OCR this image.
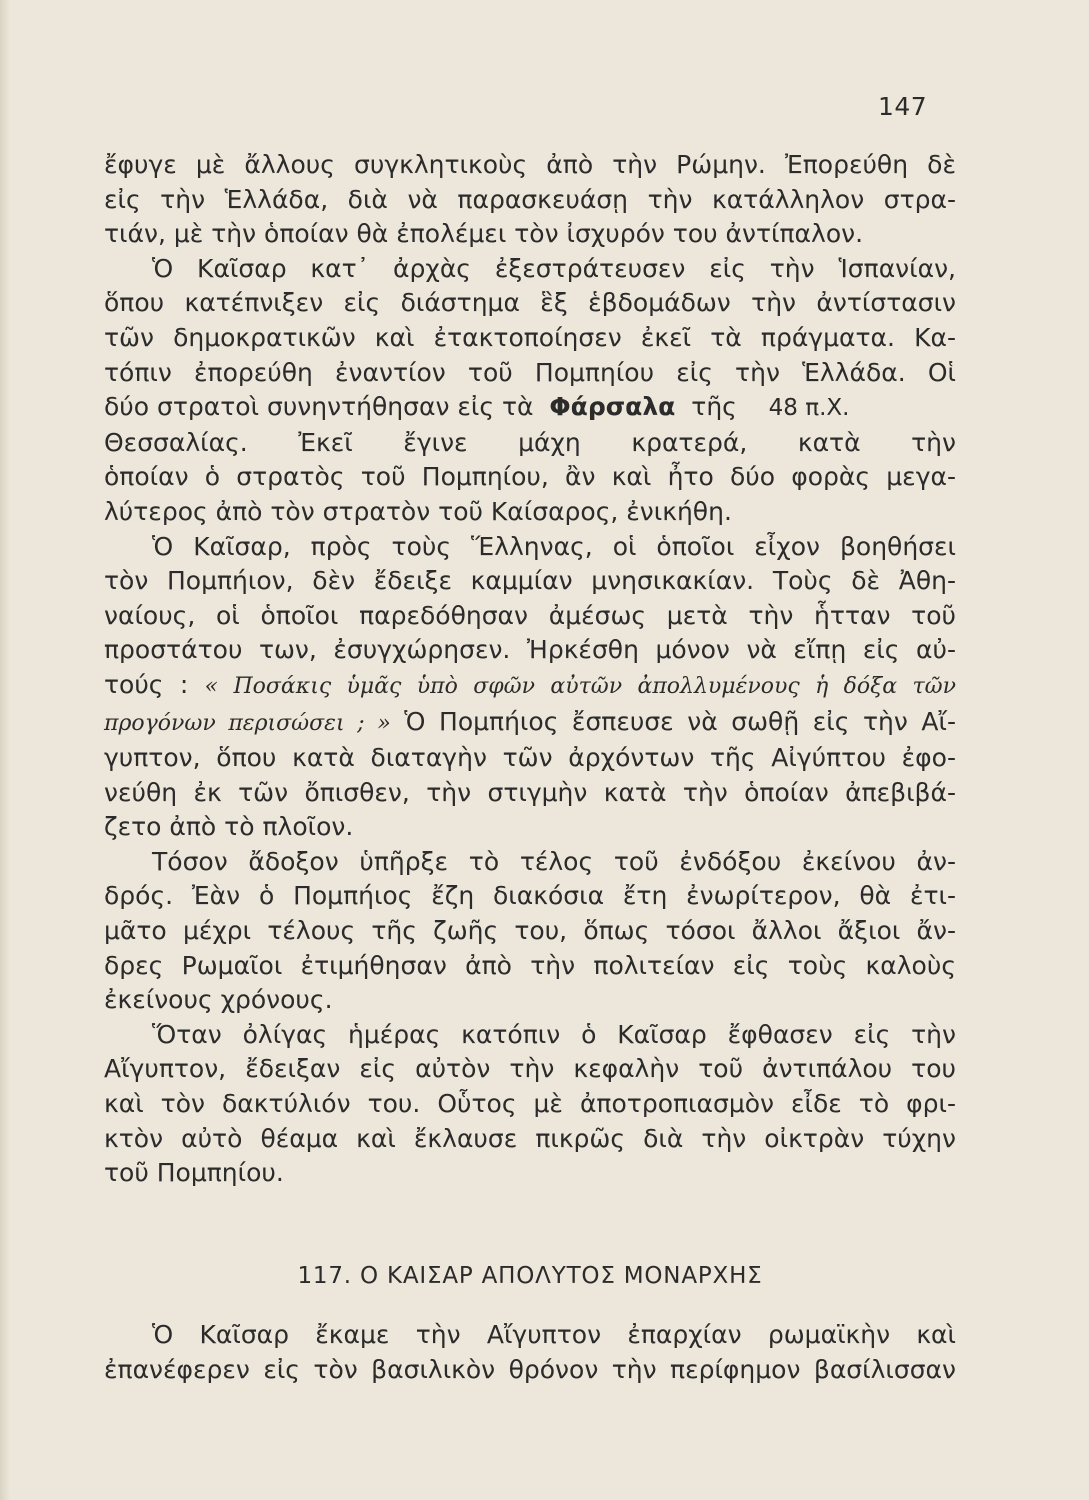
147
ἔφυγε μὲ ἄλλους συγκλητικοὺς ἀπὸ τὴν Ρώμην. Ἐπορεύθη δὲ
εἰς τὴν Ἑλλάδα, διὰ νὰ παρασκευάσῃ τὴν κατάλληλον στρα-
τιάν, μὲ τὴν ὁποίαν θὰ ἐπολέμει τὸν ἰσχυρόν του ἀντίπαλον.
Ὁ Καῖσαρ κατ᾽ ἀρχὰς ἐξεστράτευσεν εἰς τὴν Ἱσπανίαν,
ὅπου κατέπνιξεν εἰς διάστημα ἓξ ἑβδομάδων τὴν ἀντίστασιν
τῶν δημοκρατικῶν καὶ ἐτακτοποίησεν ἐκεῖ τὰ πράγματα. Κα-
τόπιν ἐπορεύθη ἐναντίον τοῦ Πομπηίου εἰς τὴν Ἑλλάδα. Οἱ
δύο στρατοὶ συνηντήθησαν εἰς τὰ Φάρσαλα τῆς 48 π.Χ.
Θεσσαλίας. Ἐκεῖ ἔγινε μάχη κρατερά, κατὰ τὴν
ὁποίαν ὁ στρατὸς τοῦ Πομπηίου, ἂν καὶ ἦτο δύο φορὰς μεγα-
λύτερος ἀπὸ τὸν στρατὸν τοῦ Καίσαρος, ἐνικήθη.
Ὁ Καῖσαρ, πρὸς τοὺς Ἕλληνας, οἱ ὁποῖοι εἶχον βοηθήσει
τὸν Πομπήιον, δὲν ἔδειξε καμμίαν μνησικακίαν. Τοὺς δὲ Ἀθη-
ναίους, οἱ ὁποῖοι παρεδόθησαν ἀμέσως μετὰ τὴν ἧτταν τοῦ
προστάτου των, ἐσυγχώρησεν. Ἠρκέσθη μόνον νὰ εἴπῃ εἰς αὐ-
τούς : « Ποσάκις ὑμᾶς ὑπὸ σφῶν αὐτῶν ἀπολλυμένους ἡ δόξα τῶν
προγόνων περισώσει ; » Ὁ Πομπήιος ἔσπευσε νὰ σωθῇ εἰς τὴν Αἴ-
γυπτον, ὅπου κατὰ διαταγὴν τῶν ἀρχόντων τῆς Αἰγύπτου ἐφο-
νεύθη ἐκ τῶν ὄπισθεν, τὴν στιγμὴν κατὰ τὴν ὁποίαν ἀπεβιβά-
ζετο ἀπὸ τὸ πλοῖον.
Τόσον ἄδοξον ὑπῆρξε τὸ τέλος τοῦ ἐνδόξου ἐκείνου ἀν-
δρός. Ἐὰν ὁ Πομπήιος ἔζη διακόσια ἔτη ἐνωρίτερον, θὰ ἐτι-
μᾶτο μέχρι τέλους τῆς ζωῆς του, ὅπως τόσοι ἄλλοι ἄξιοι ἄν-
δρες Ρωμαῖοι ἐτιμήθησαν ἀπὸ τὴν πολιτείαν εἰς τοὺς καλοὺς
ἐκείνους χρόνους.
Ὅταν ὀλίγας ἡμέρας κατόπιν ὁ Καῖσαρ ἔφθασεν εἰς τὴν
Αἴγυπτον, ἔδειξαν εἰς αὐτὸν τὴν κεφαλὴν τοῦ ἀντιπάλου του
καὶ τὸν δακτύλιόν του. Οὗτος μὲ ἀποτροπιασμὸν εἶδε τὸ φρι-
κτὸν αὐτὸ θέαμα καὶ ἔκλαυσε πικρῶς διὰ τὴν οἰκτρὰν τύχην
τοῦ Πομπηίου.
117. Ο ΚΑΙΣΑΡ ΑΠΟΛΥΤΟΣ ΜΟΝΑΡΧΗΣ
Ὁ Καῖσαρ ἔκαμε τὴν Αἴγυπτον ἐπαρχίαν ρωμαϊκὴν καὶ
ἐπανέφερεν εἰς τὸν βασιλικὸν θρόνον τὴν περίφημον βασίλισσαν
